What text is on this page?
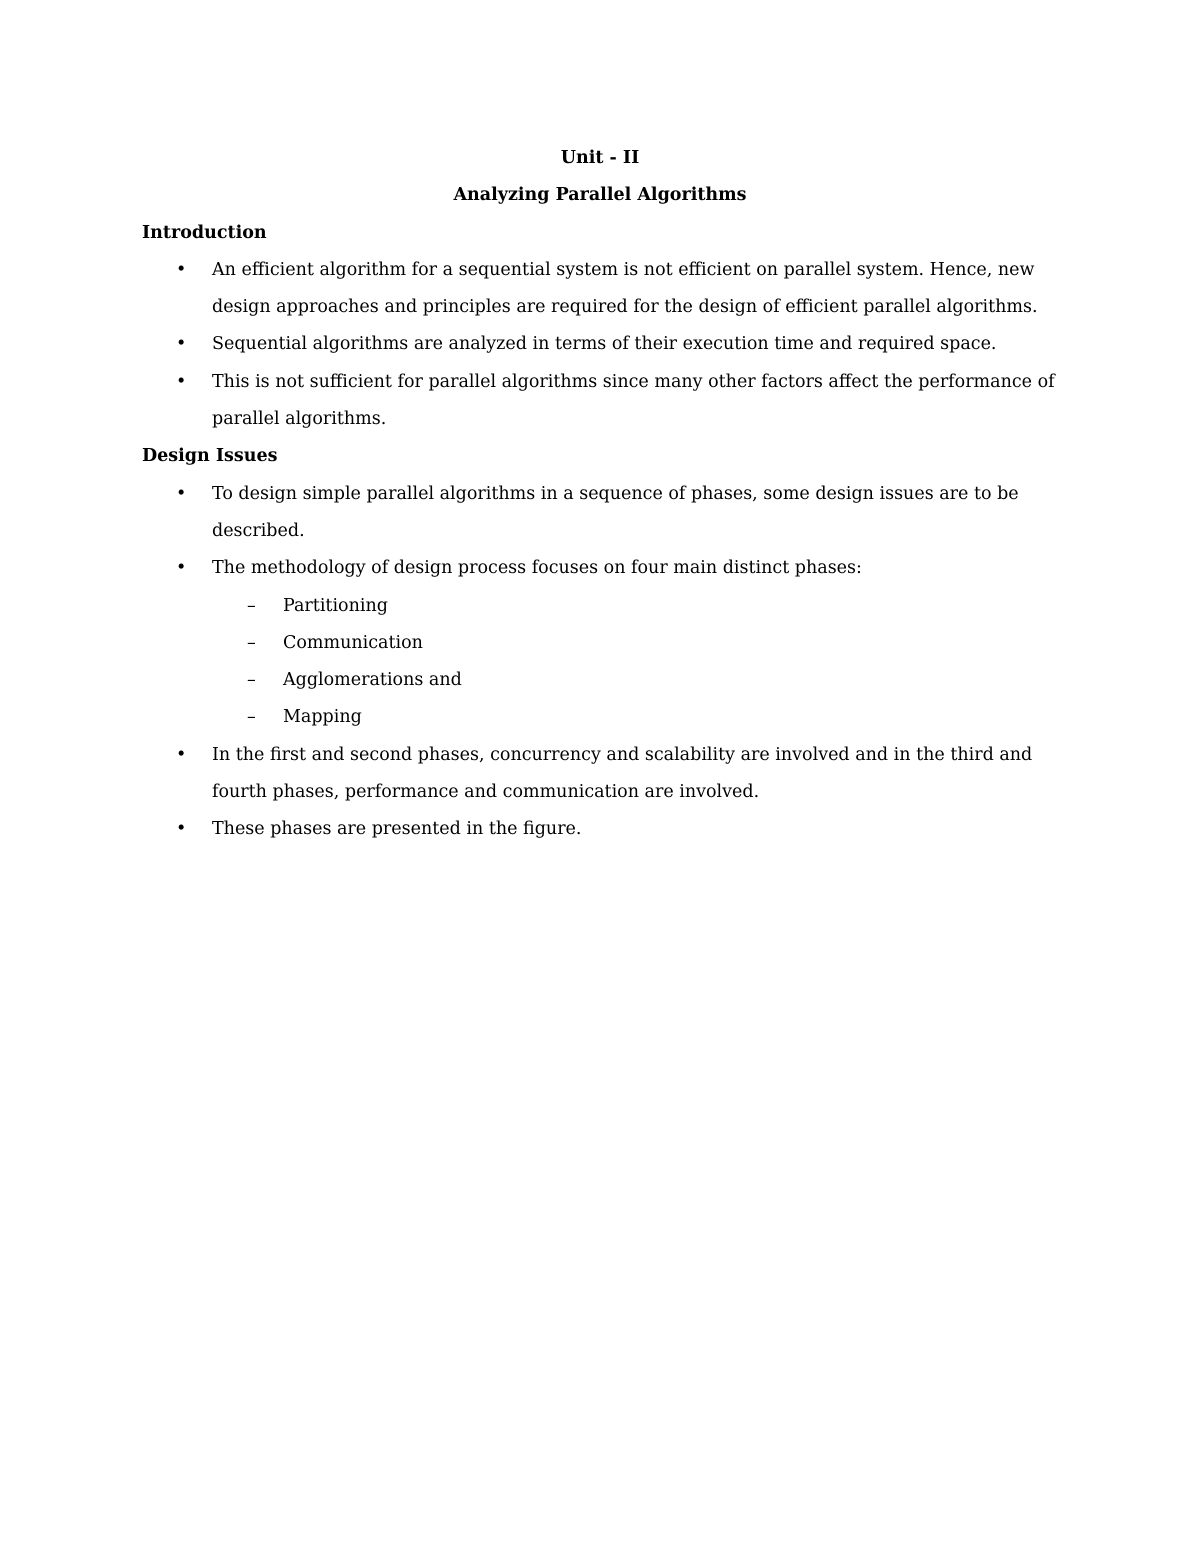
Unit - II

Analyzing Parallel Algorithms

Introduction

• An efficient algorithm for a sequential system is not efficient on parallel system. Hence, new design approaches and principles are required for the design of efficient parallel algorithms.
• Sequential algorithms are analyzed in terms of their execution time and required space.
• This is not sufficient for parallel algorithms since many other factors affect the performance of parallel algorithms.

Design Issues

• To design simple parallel algorithms in a sequence of phases, some design issues are to be described.
• The methodology of design process focuses on four main distinct phases:
– Partitioning
– Communication
– Agglomerations and
– Mapping
• In the first and second phases, concurrency and scalability are involved and in the third and fourth phases, performance and communication are involved.
• These phases are presented in the figure.
